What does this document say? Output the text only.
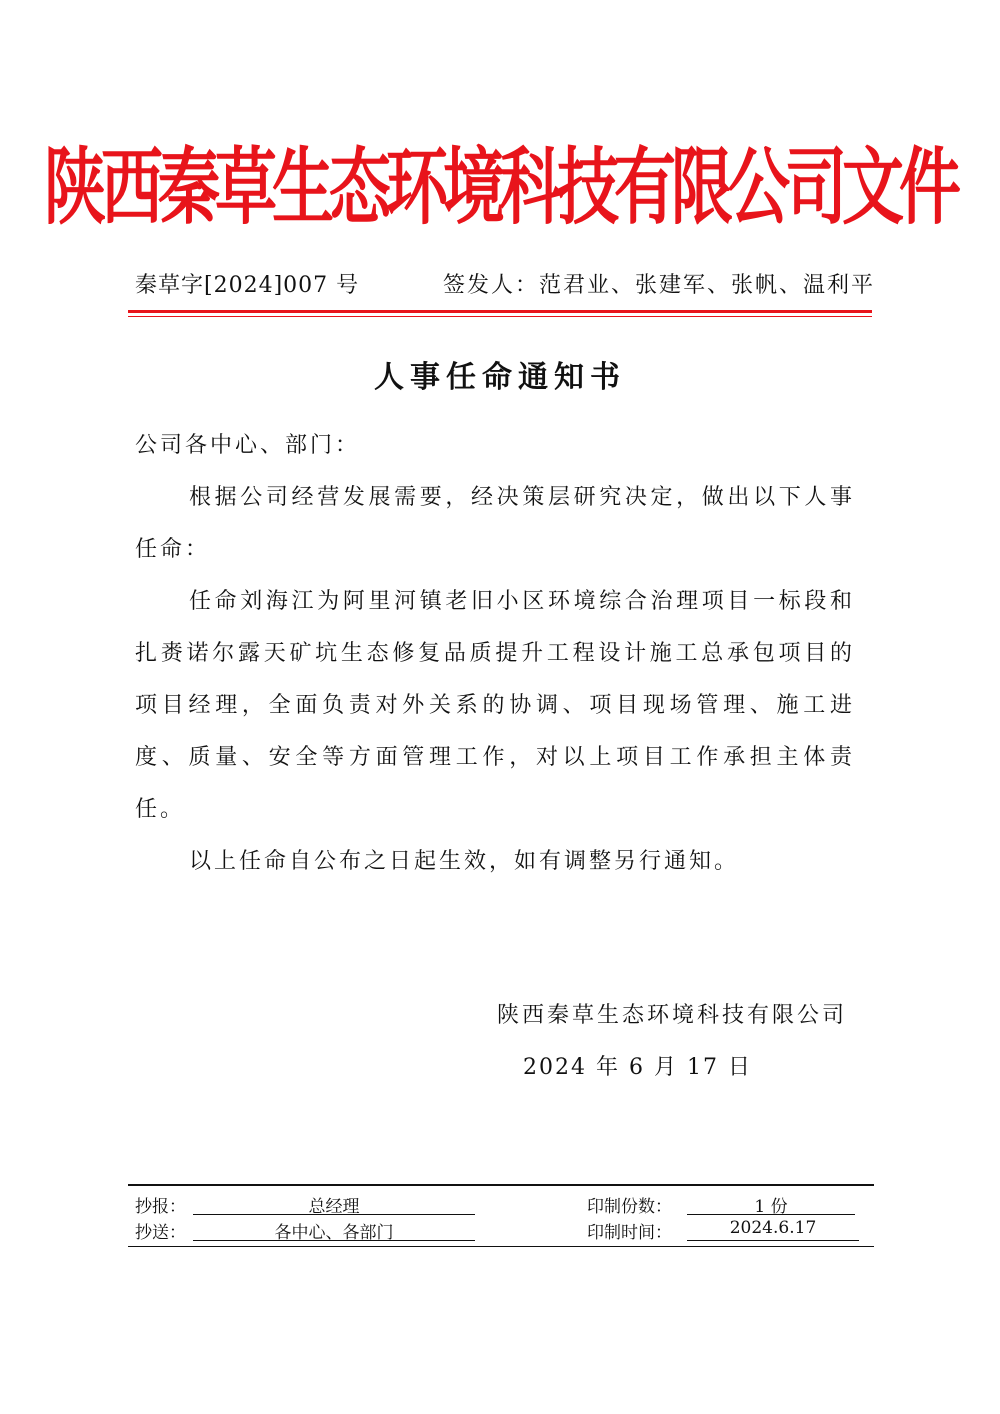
陕西秦草生态环境科技有限公司文件
秦草字[2024]007 号	签发人：范君业、张建军、张帆、温利平
人事任命通知书

公司各中心、部门：

根据公司经营发展需要，经决策层研究决定，做出以下人事任命：

任命刘海江为阿里河镇老旧小区环境综合治理项目一标段和扎赉诺尔露天矿坑生态修复品质提升工程设计施工总承包项目的项目经理，全面负责对外关系的协调、项目现场管理、施工进度、质量、安全等方面管理工作，对以上项目工作承担主体责任。

以上任命自公布之日起生效，如有调整另行通知。

陕西秦草生态环境科技有限公司
2024 年 6 月 17 日
抄报：	总经理	印制份数：	1 份
抄送：	各中心、各部门	印制时间：	2024.6.17
